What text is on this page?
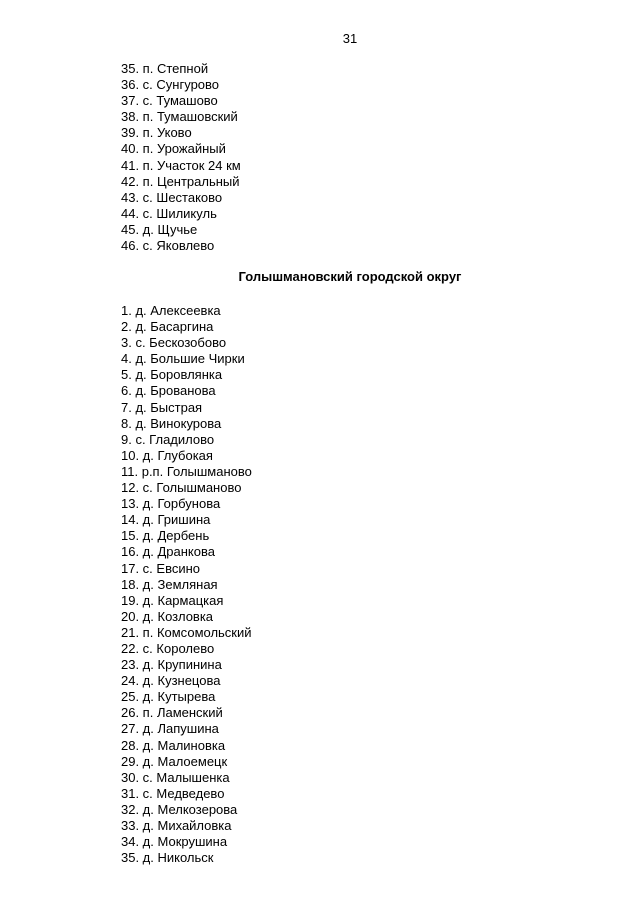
31
35. п. Степной
36. с. Сунгурово
37. с. Тумашово
38. п. Тумашовский
39. п. Уково
40. п. Урожайный
41. п. Участок 24 км
42. п. Центральный
43. с. Шестаково
44. с. Шиликуль
45. д. Щучье
46. с. Яковлево
Голышмановский городской округ
1. д. Алексеевка
2. д. Басаргина
3. с. Бескозобово
4. д. Большие Чирки
5. д. Боровлянка
6. д. Брованова
7. д. Быстрая
8. д. Винокурова
9. с. Гладилово
10. д. Глубокая
11. р.п. Голышманово
12. с. Голышманово
13. д. Горбунова
14. д. Гришина
15. д. Дербень
16. д. Дранкова
17. с. Евсино
18. д. Земляная
19. д. Кармацкая
20. д. Козловка
21. п. Комсомольский
22. с. Королево
23. д. Крупинина
24. д. Кузнецова
25. д. Кутырева
26. п. Ламенский
27. д. Лапушина
28. д. Малиновка
29. д. Малоемецк
30. с. Малышенка
31. с. Медведево
32. д. Мелкозерова
33. д. Михайловка
34. д. Мокрушина
35. д. Никольск
